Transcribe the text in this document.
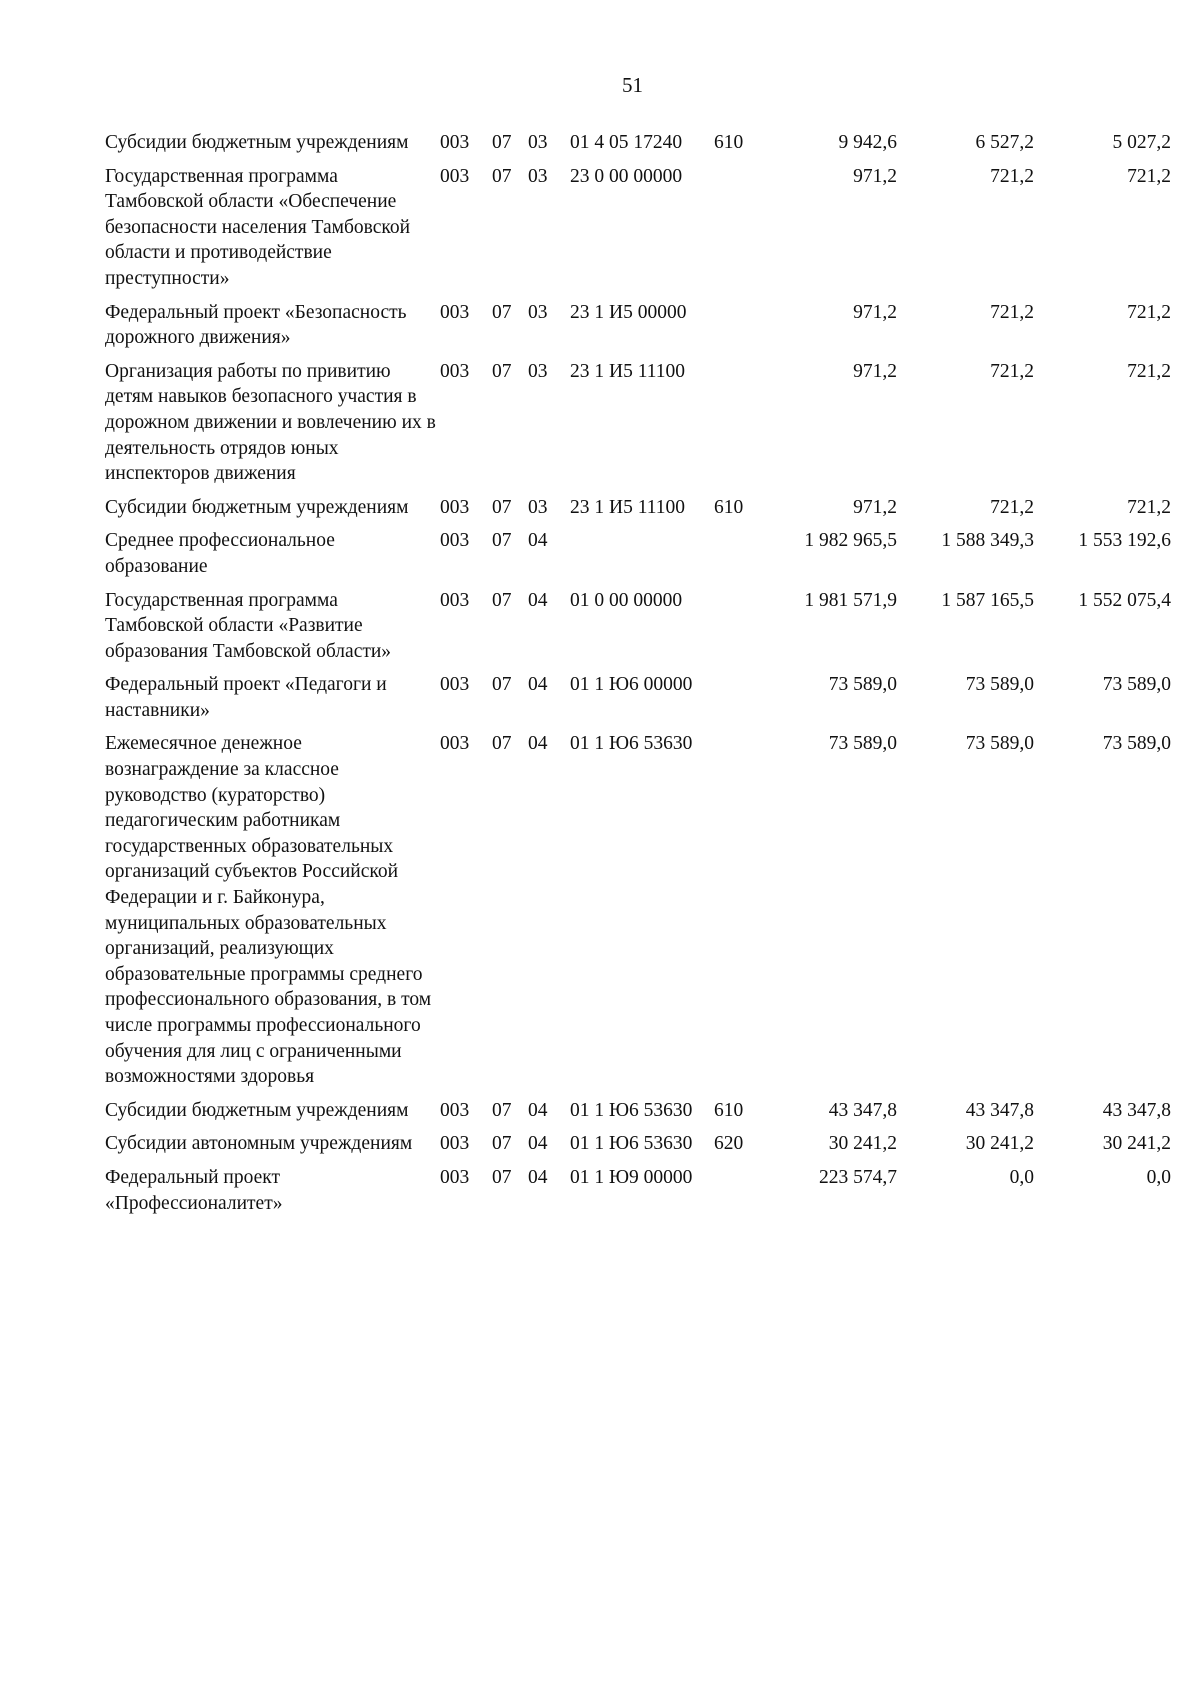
51
Субсидии бюджетным учреждениям	003	07	03	01 4 05 17240	610	9 942,6	6 527,2	5 027,2
Государственная программа Тамбовской области «Обеспечение безопасности населения Тамбовской области и противодействие преступности»	003	07	03	23 0 00 00000		971,2	721,2	721,2
Федеральный проект «Безопасность дорожного движения»	003	07	03	23 1 И5 00000		971,2	721,2	721,2
Организация работы по привитию детям навыков безопасного участия в дорожном движении и вовлечению их в деятельность отрядов юных инспекторов движения	003	07	03	23 1 И5 11100		971,2	721,2	721,2
Субсидии бюджетным учреждениям	003	07	03	23 1 И5 11100	610	971,2	721,2	721,2
Среднее профессиональное образование	003	07	04			1 982 965,5	1 588 349,3	1 553 192,6
Государственная программа Тамбовской области «Развитие образования Тамбовской области»	003	07	04	01 0 00 00000		1 981 571,9	1 587 165,5	1 552 075,4
Федеральный проект «Педагоги и наставники»	003	07	04	01 1 Ю6 00000		73 589,0	73 589,0	73 589,0
Ежемесячное денежное вознаграждение за классное руководство (кураторство) педагогическим работникам государственных образовательных организаций субъектов Российской Федерации и г. Байконура, муниципальных образовательных организаций, реализующих образовательные программы среднего профессионального образования, в том числе программы профессионального обучения для лиц с ограниченными возможностями здоровья	003	07	04	01 1 Ю6 53630		73 589,0	73 589,0	73 589,0
Субсидии бюджетным учреждениям	003	07	04	01 1 Ю6 53630	610	43 347,8	43 347,8	43 347,8
Субсидии автономным учреждениям	003	07	04	01 1 Ю6 53630	620	30 241,2	30 241,2	30 241,2
Федеральный проект «Профессионалитет»	003	07	04	01 1 Ю9 00000		223 574,7	0,0	0,0
